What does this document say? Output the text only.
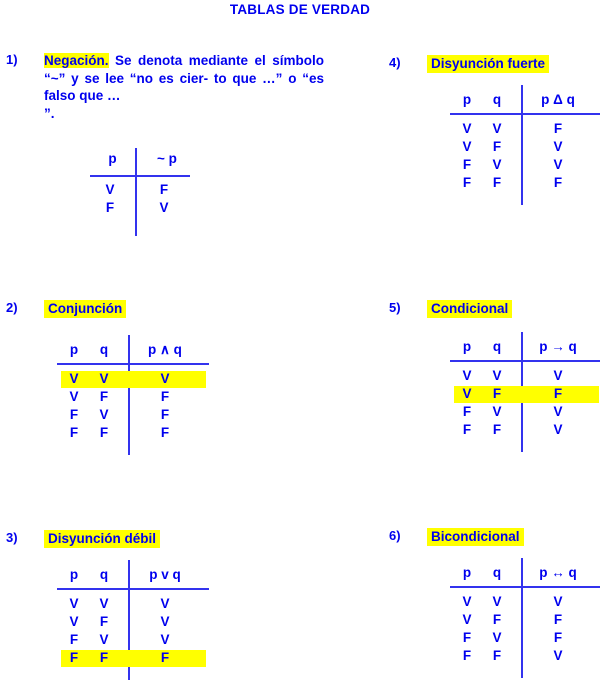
TABLAS DE VERDAD
1) Negación. Se denota mediante el símbolo “~” y se lee “no es cier- to que …” o “es falso que …
”.
p	~ p
V	F
F	V
2) Conjunción
p	q	p ∧ q
V	V	V
V	F	F
F	V	F
F	F	F
3) Disyunción débil
p	q	p v q
V	V	V
V	F	V
F	V	V
F	F	F
4) Disyunción fuerte
p	q	p Δ q
V	V	F
V	F	V
F	V	V
F	F	F
5) Condicional
p	q	p → q
V	V	V
V	F	F
F	V	V
F	F	V
6) Bicondicional
p	q	p ↔ q
V	V	V
V	F	F
F	V	F
F	F	V
